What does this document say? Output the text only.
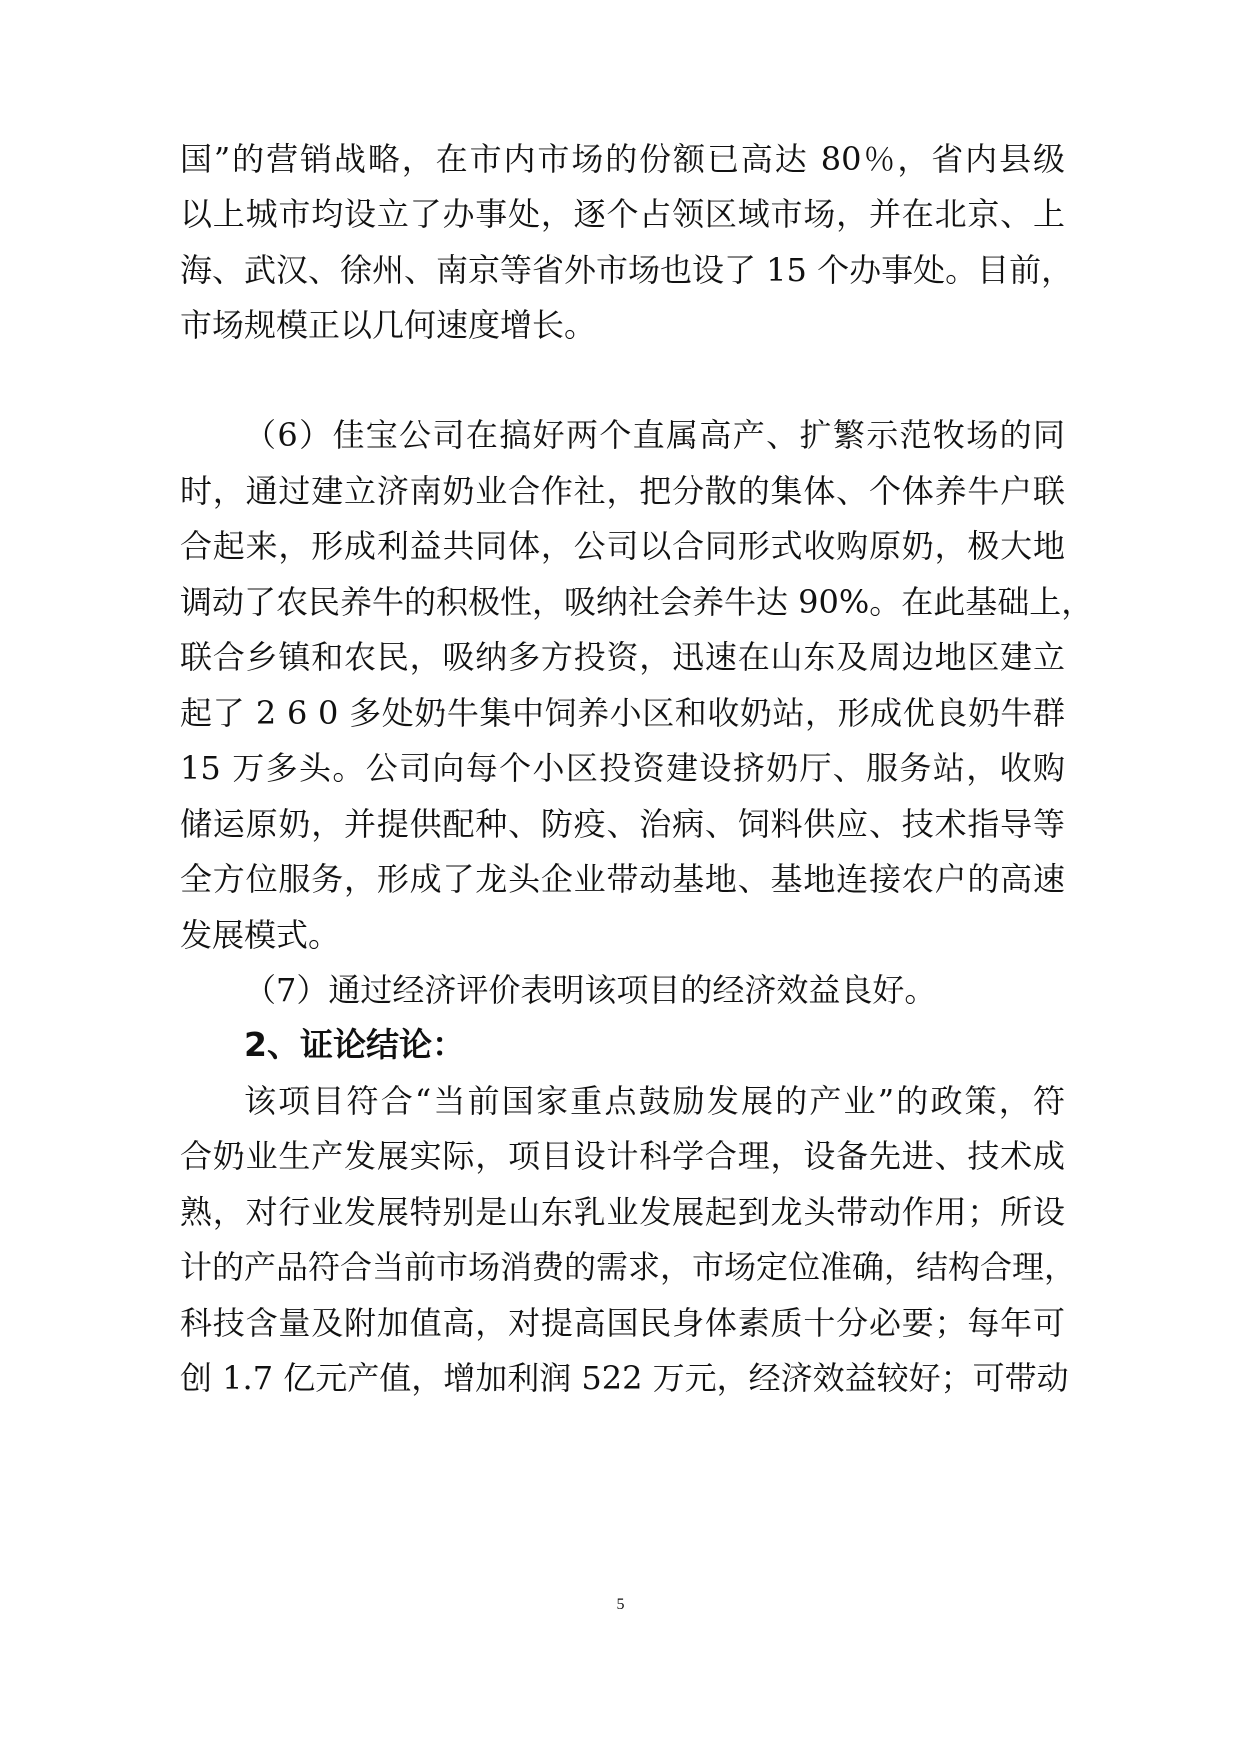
国”的营销战略，在市内市场的份额已高达 80％，省内县级
以上城市均设立了办事处，逐个占领区域市场，并在北京、上
海、武汉、徐州、南京等省外市场也设了 15 个办事处。目前，
市场规模正以几何速度增长。
（6）佳宝公司在搞好两个直属高产、扩繁示范牧场的同
时，通过建立济南奶业合作社，把分散的集体、个体养牛户联
合起来，形成利益共同体，公司以合同形式收购原奶，极大地
调动了农民养牛的积极性，吸纳社会养牛达 90%。在此基础上，
联合乡镇和农民，吸纳多方投资，迅速在山东及周边地区建立
起了 2 6 0 多处奶牛集中饲养小区和收奶站，形成优良奶牛群
15 万多头。公司向每个小区投资建设挤奶厅、服务站，收购
储运原奶，并提供配种、防疫、治病、饲料供应、技术指导等
全方位服务，形成了龙头企业带动基地、基地连接农户的高速
发展模式。
（7）通过经济评价表明该项目的经济效益良好。
2、证论结论：
该项目符合“当前国家重点鼓励发展的产业”的政策，符
合奶业生产发展实际，项目设计科学合理，设备先进、技术成
熟，对行业发展特别是山东乳业发展起到龙头带动作用；所设
计的产品符合当前市场消费的需求，市场定位准确，结构合理，
科技含量及附加值高，对提高国民身体素质十分必要；每年可
创 1.7 亿元产值，增加利润 522 万元，经济效益较好；可带动
5
